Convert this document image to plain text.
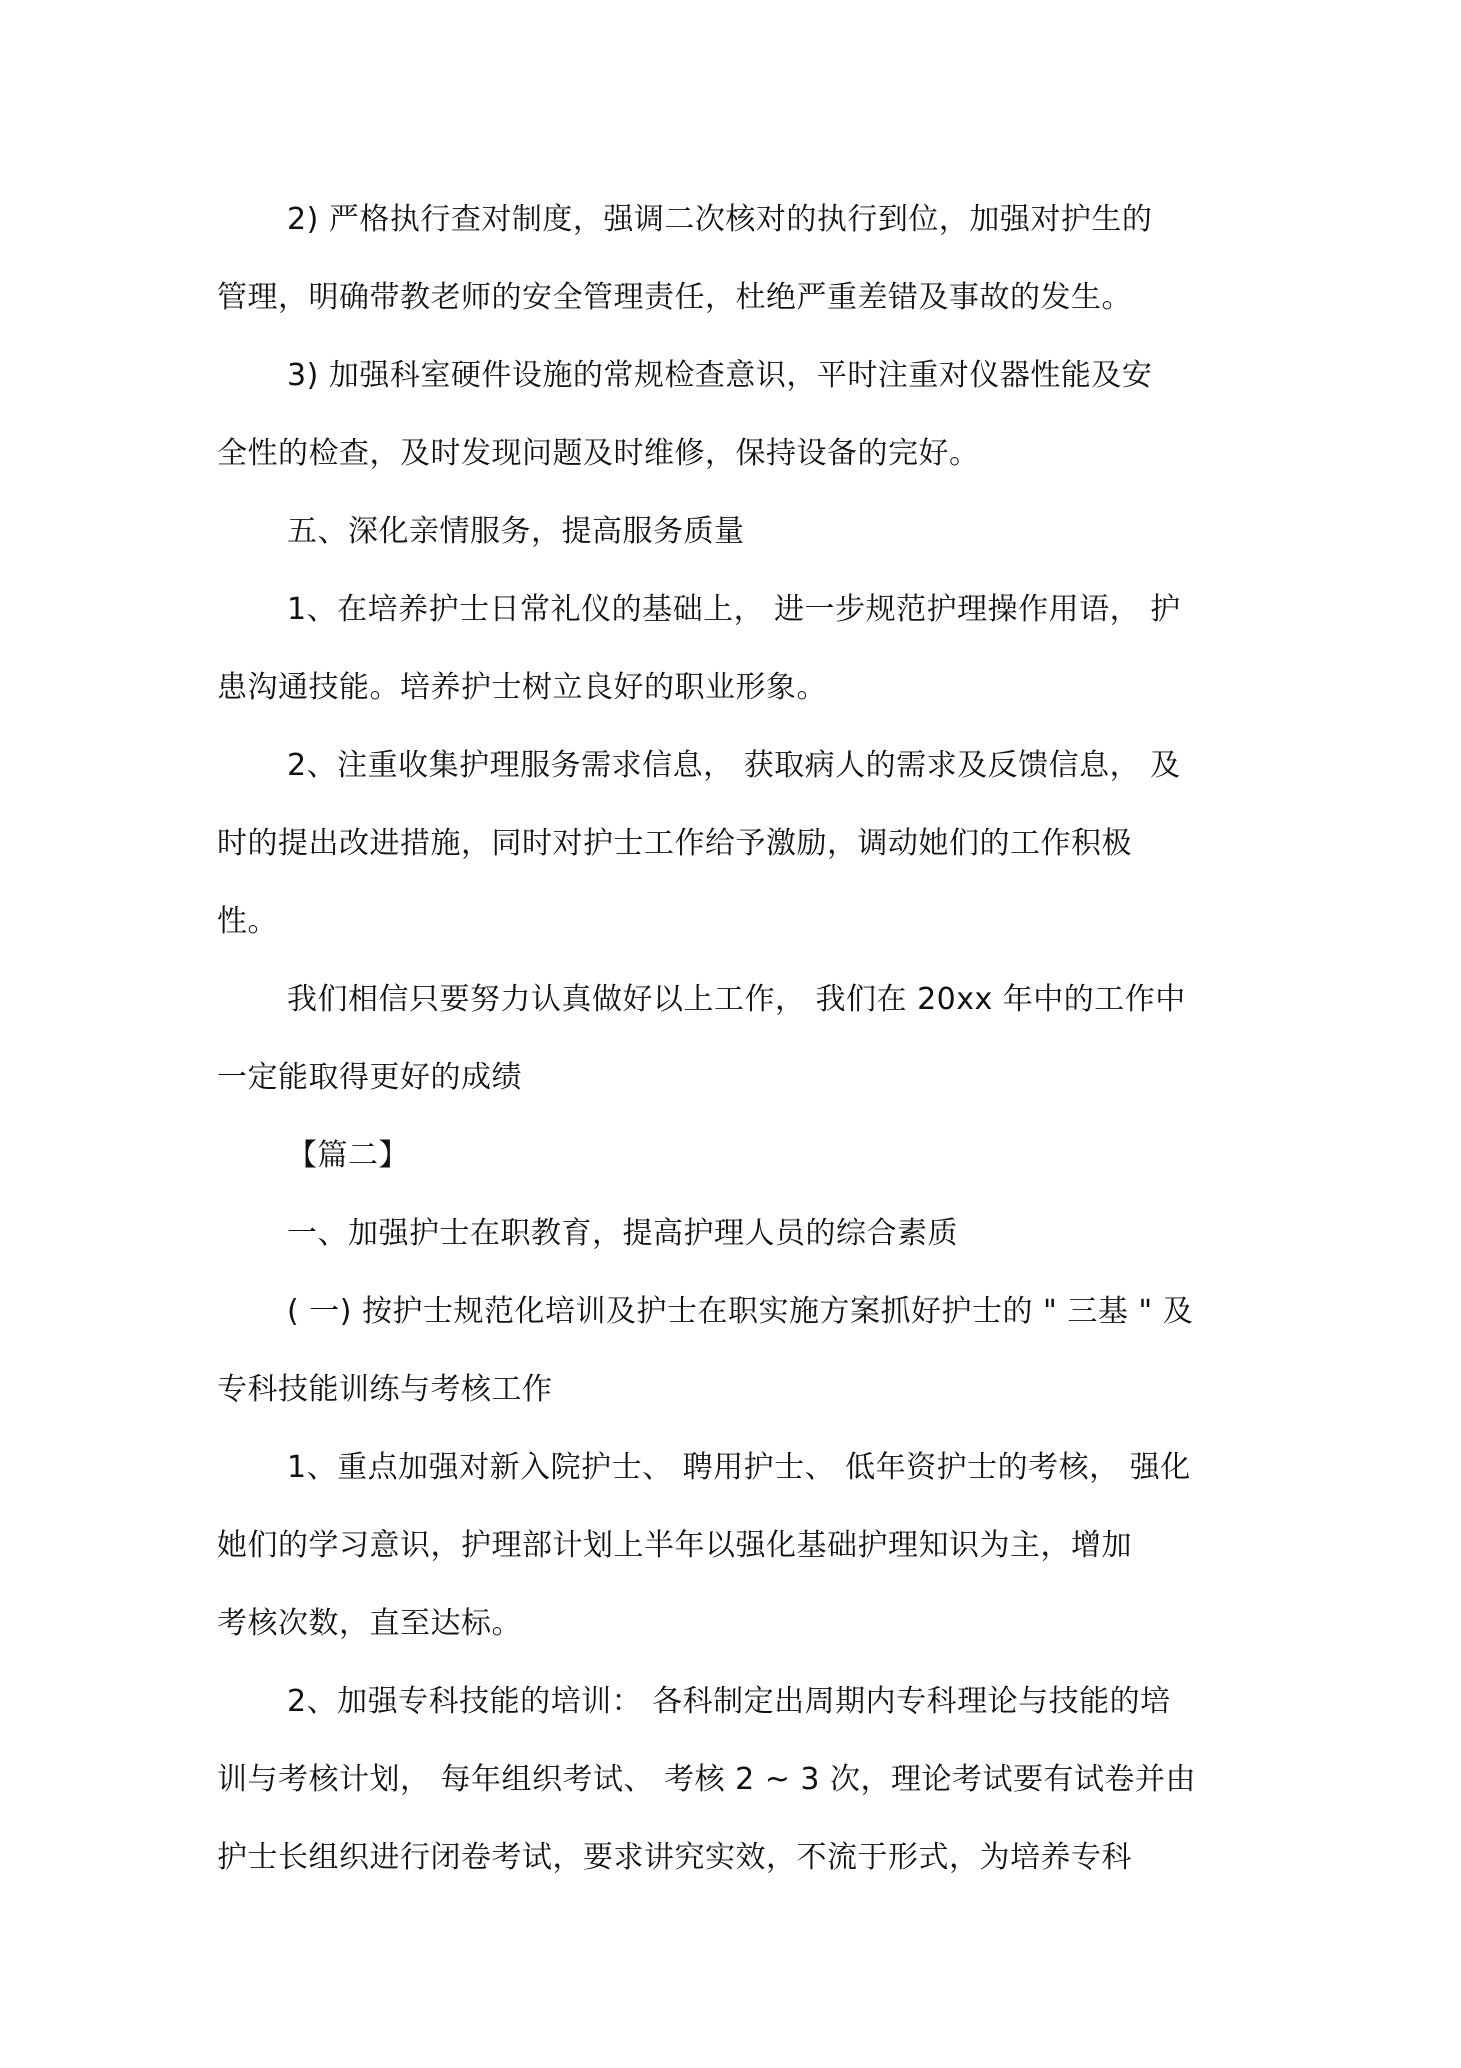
2) 严格执行查对制度，强调二次核对的执行到位，加强对护生的
管理，明确带教老师的安全管理责任，杜绝严重差错及事故的发生。
3) 加强科室硬件设施的常规检查意识，平时注重对仪器性能及安
全性的检查，及时发现问题及时维修，保持设备的完好。
五、深化亲情服务，提高服务质量
1、在培养护士日常礼仪的基础上， 进一步规范护理操作用语， 护
患沟通技能。培养护士树立良好的职业形象。
2、注重收集护理服务需求信息， 获取病人的需求及反馈信息， 及
时的提出改进措施，同时对护士工作给予激励，调动她们的工作积极
性。
我们相信只要努力认真做好以上工作， 我们在 20xx 年中的工作中
一定能取得更好的成绩
【篇二】
一、加强护士在职教育，提高护理人员的综合素质
( 一) 按护士规范化培训及护士在职实施方案抓好护士的 " 三基 " 及
专科技能训练与考核工作
1、重点加强对新入院护士、 聘用护士、 低年资护士的考核， 强化
她们的学习意识，护理部计划上半年以强化基础护理知识为主，增加
考核次数，直至达标。
2、加强专科技能的培训： 各科制定出周期内专科理论与技能的培
训与考核计划， 每年组织考试、 考核 2 ~ 3 次，理论考试要有试卷并由
护士长组织进行闭卷考试，要求讲究实效，不流于形式，为培养专科
